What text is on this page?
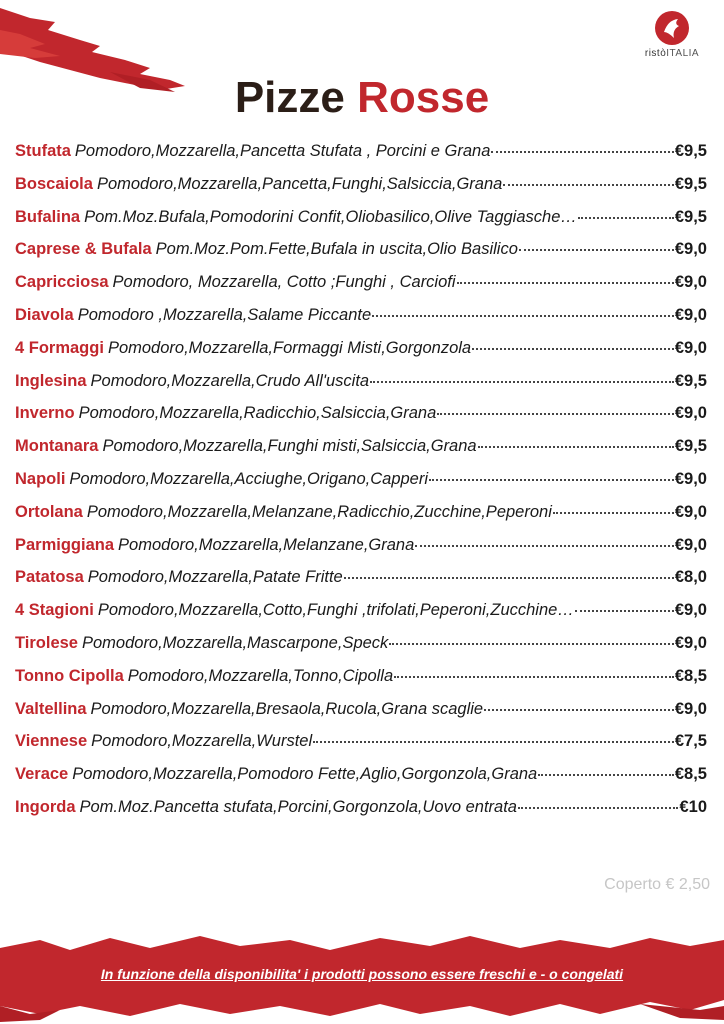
ristòITALIA
Pizze Rosse
Stufata Pomodoro,Mozzarella,Pancetta Stufata , Porcini e Grana	€9,5
Boscaiola Pomodoro,Mozzarella,Pancetta,Funghi,Salsiccia,Grana	€9,5
Bufalina Pom.Moz.Bufala,Pomodorini Confit,Oliobasilico,Olive Taggiasche…	€9,5
Caprese & Bufala Pom.Moz.Pom.Fette,Bufala in uscita,Olio Basilico	€9,0
Capricciosa Pomodoro, Mozzarella, Cotto ;Funghi , Carciofi	€9,0
Diavola Pomodoro ,Mozzarella,Salame Piccante	€9,0
4 Formaggi Pomodoro,Mozzarella,Formaggi Misti,Gorgonzola	€9,0
Inglesina Pomodoro,Mozzarella,Crudo All'uscita	€9,5
Inverno Pomodoro,Mozzarella,Radicchio,Salsiccia,Grana	€9,0
Montanara Pomodoro,Mozzarella,Funghi misti,Salsiccia,Grana	€9,5
Napoli Pomodoro,Mozzarella,Acciughe,Origano,Capperi	€9,0
Ortolana Pomodoro,Mozzarella,Melanzane,Radicchio,Zucchine,Peperoni	€9,0
Parmiggiana Pomodoro,Mozzarella,Melanzane,Grana	€9,0
Patatosa Pomodoro,Mozzarella,Patate Fritte	€8,0
4 Stagioni Pomodoro,Mozzarella,Cotto,Funghi ,trifolati,Peperoni,Zucchine…	€9,0
Tirolese Pomodoro,Mozzarella,Mascarpone,Speck	€9,0
Tonno Cipolla Pomodoro,Mozzarella,Tonno,Cipolla	€8,5
Valtellina Pomodoro,Mozzarella,Bresaola,Rucola,Grana scaglie	€9,0
Viennese Pomodoro,Mozzarella,Wurstel	€7,5
Verace Pomodoro,Mozzarella,Pomodoro Fette,Aglio,Gorgonzola,Grana	€8,5
Ingorda Pom.Moz.Pancetta stufata,Porcini,Gorgonzola,Uovo entrata	€10
Coperto € 2,50
In funzione della disponibilita' i prodotti possono essere freschi e - o congelati
